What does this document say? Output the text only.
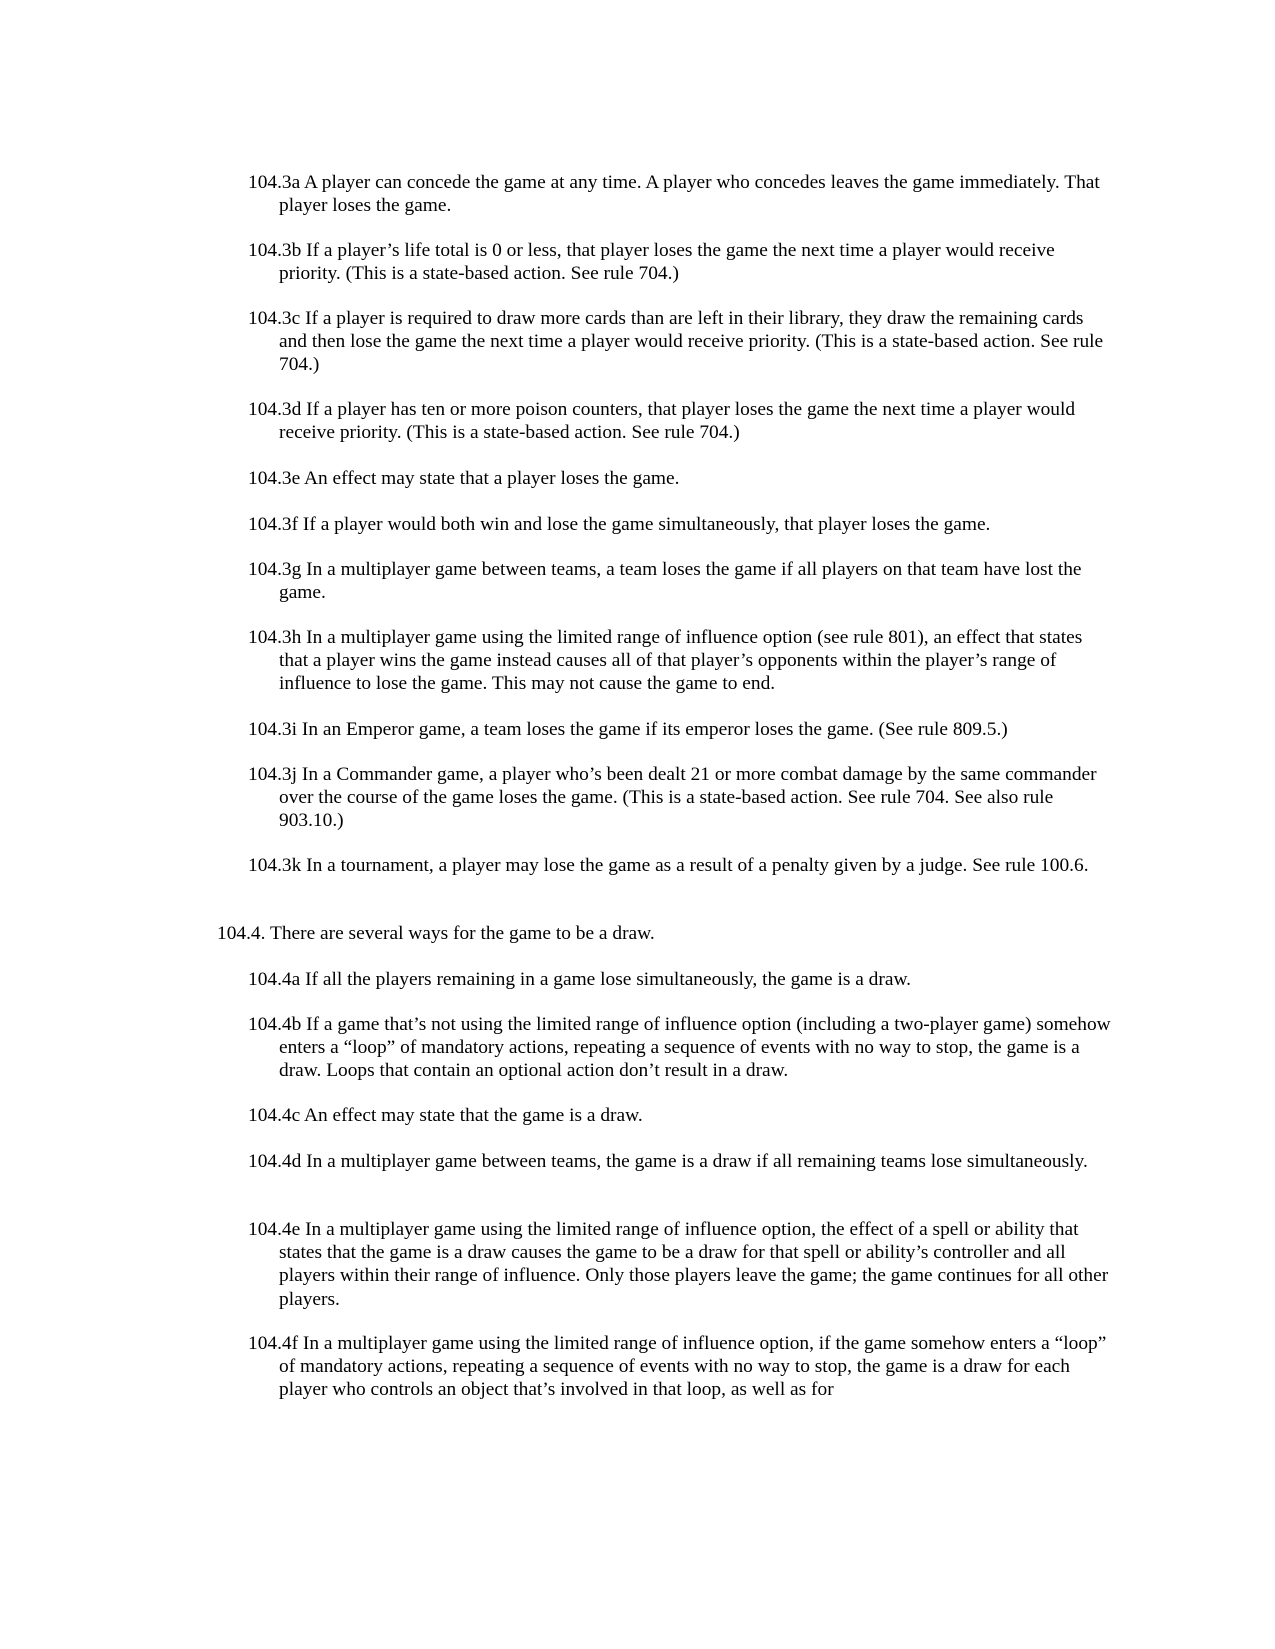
104.3a A player can concede the game at any time. A player who concedes leaves the game immediately. That player loses the game.

104.3b If a player’s life total is 0 or less, that player loses the game the next time a player would receive priority. (This is a state-based action. See rule 704.)

104.3c If a player is required to draw more cards than are left in their library, they draw the remaining cards and then lose the game the next time a player would receive priority. (This is a state-based action. See rule 704.)

104.3d If a player has ten or more poison counters, that player loses the game the next time a player would receive priority. (This is a state-based action. See rule 704.)

104.3e An effect may state that a player loses the game.

104.3f If a player would both win and lose the game simultaneously, that player loses the game.

104.3g In a multiplayer game between teams, a team loses the game if all players on that team have lost the game.

104.3h In a multiplayer game using the limited range of influence option (see rule 801), an effect that states that a player wins the game instead causes all of that player’s opponents within the player’s range of influence to lose the game. This may not cause the game to end.

104.3i In an Emperor game, a team loses the game if its emperor loses the game. (See rule 809.5.)

104.3j In a Commander game, a player who’s been dealt 21 or more combat damage by the same commander over the course of the game loses the game. (This is a state-based action. See rule 704. See also rule 903.10.)

104.3k In a tournament, a player may lose the game as a result of a penalty given by a judge. See rule 100.6.

104.4. There are several ways for the game to be a draw.

104.4a If all the players remaining in a game lose simultaneously, the game is a draw.

104.4b If a game that’s not using the limited range of influence option (including a two-player game) somehow enters a “loop” of mandatory actions, repeating a sequence of events with no way to stop, the game is a draw. Loops that contain an optional action don’t result in a draw.

104.4c An effect may state that the game is a draw.

104.4d In a multiplayer game between teams, the game is a draw if all remaining teams lose simultaneously.

104.4e In a multiplayer game using the limited range of influence option, the effect of a spell or ability that states that the game is a draw causes the game to be a draw for that spell or ability’s controller and all players within their range of influence. Only those players leave the game; the game continues for all other players.

104.4f In a multiplayer game using the limited range of influence option, if the game somehow enters a “loop” of mandatory actions, repeating a sequence of events with no way to stop, the game is a draw for each player who controls an object that’s involved in that loop, as well as for
